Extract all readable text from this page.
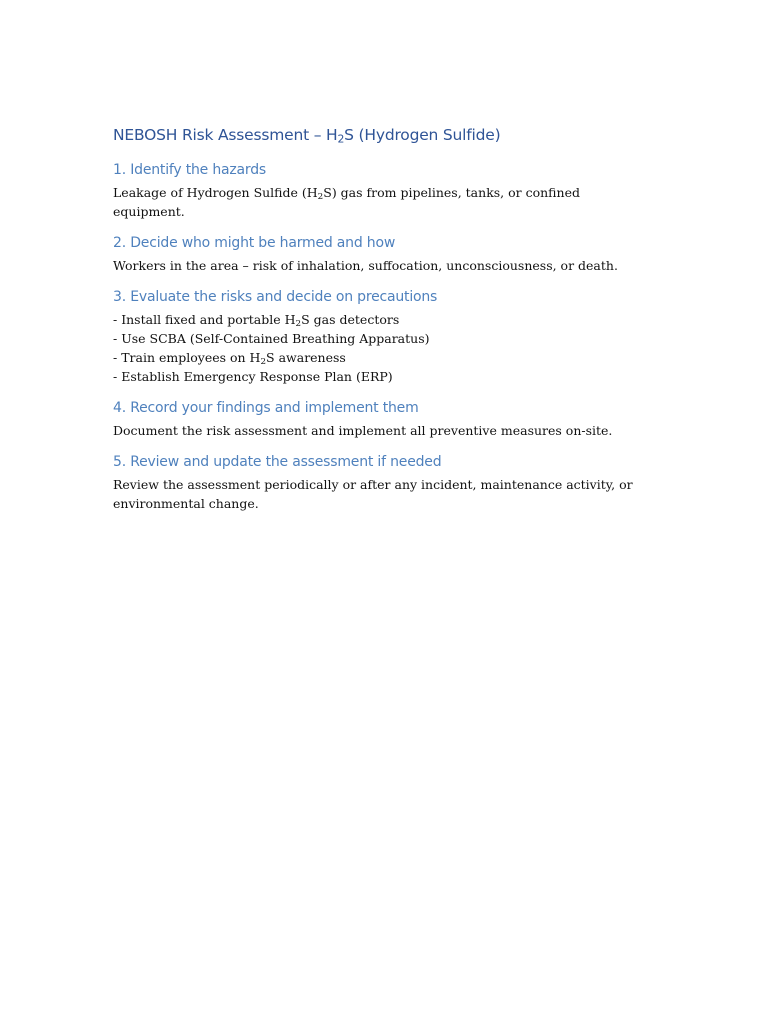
NEBOSH Risk Assessment – $H_2S$ (Hydrogen Sulfide)
1. Identify the hazards

Leakage of Hydrogen Sulfide $(H_2S)$ gas from pipelines, tanks, or confined equipment.

2. Decide who might be harmed and how

Workers in the area – risk of inhalation, suffocation, unconsciousness, or death.

3. Evaluate the risks and decide on precautions
- Install fixed and portable $H_2S$ gas detectors
- Use SCBA (Self-Contained Breathing Apparatus)
- Train employees on $H_2S$ awareness
- Establish Emergency Response Plan (ERP)
4. Record your findings and implement them

Document the risk assessment and implement all preventive measures on-site.

5. Review and update the assessment if needed
Review the assessment periodically or after any incident, maintenance activity, or
environmental change.
